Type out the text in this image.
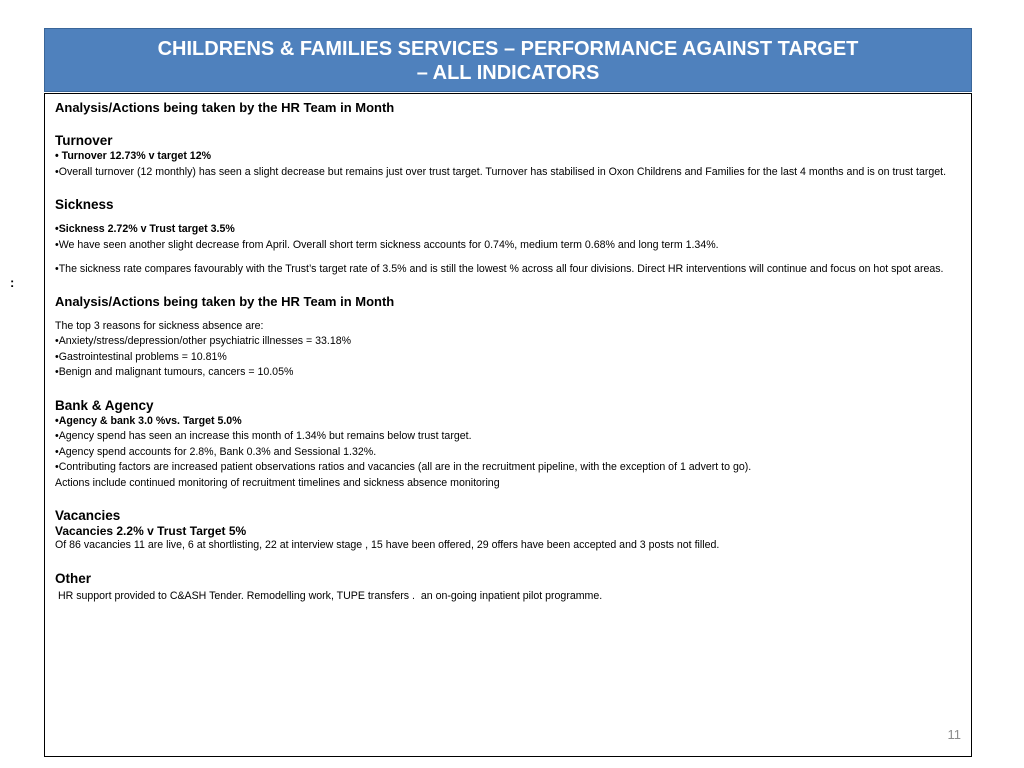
CHILDRENS & FAMILIES SERVICES – PERFORMANCE AGAINST TARGET
– ALL INDICATORS
:
Analysis/Actions being taken by the HR Team in Month
Turnover
• Turnover 12.73% v target 12%
•Overall turnover (12 monthly) has seen a slight decrease but remains just over trust target. Turnover has stabilised in Oxon Childrens and Families for the last 4 months and is on trust target.
Sickness
•Sickness 2.72% v Trust target 3.5%
•We have seen another slight decrease from April. Overall short term sickness accounts for 0.74%, medium term 0.68% and long term 1.34%.
•The sickness rate compares favourably with the Trust’s target rate of 3.5% and is still the lowest % across all four divisions. Direct HR interventions will continue and focus on hot spot areas.
Analysis/Actions being taken by the HR Team in Month
The top 3 reasons for sickness absence are:
•Anxiety/stress/depression/other psychiatric illnesses = 33.18%
•Gastrointestinal problems = 10.81%
•Benign and malignant tumours, cancers = 10.05%
Bank & Agency
•Agency & bank 3.0 %vs. Target 5.0%
•Agency spend has seen an increase this month of 1.34% but remains below trust target.
•Agency spend accounts for 2.8%, Bank 0.3% and Sessional 1.32%.
•Contributing factors are increased patient observations ratios and vacancies (all are in the recruitment pipeline, with the exception of 1 advert to go).
Actions include continued monitoring of recruitment timelines and sickness absence monitoring
Vacancies
Vacancies 2.2% v Trust Target 5%
Of 86 vacancies 11 are live, 6 at shortlisting, 22 at interview stage , 15 have been offered, 29 offers have been accepted and 3 posts not filled.
Other
HR support provided to C&ASH Tender. Remodelling work, TUPE transfers .  an on-going inpatient pilot programme.
11
